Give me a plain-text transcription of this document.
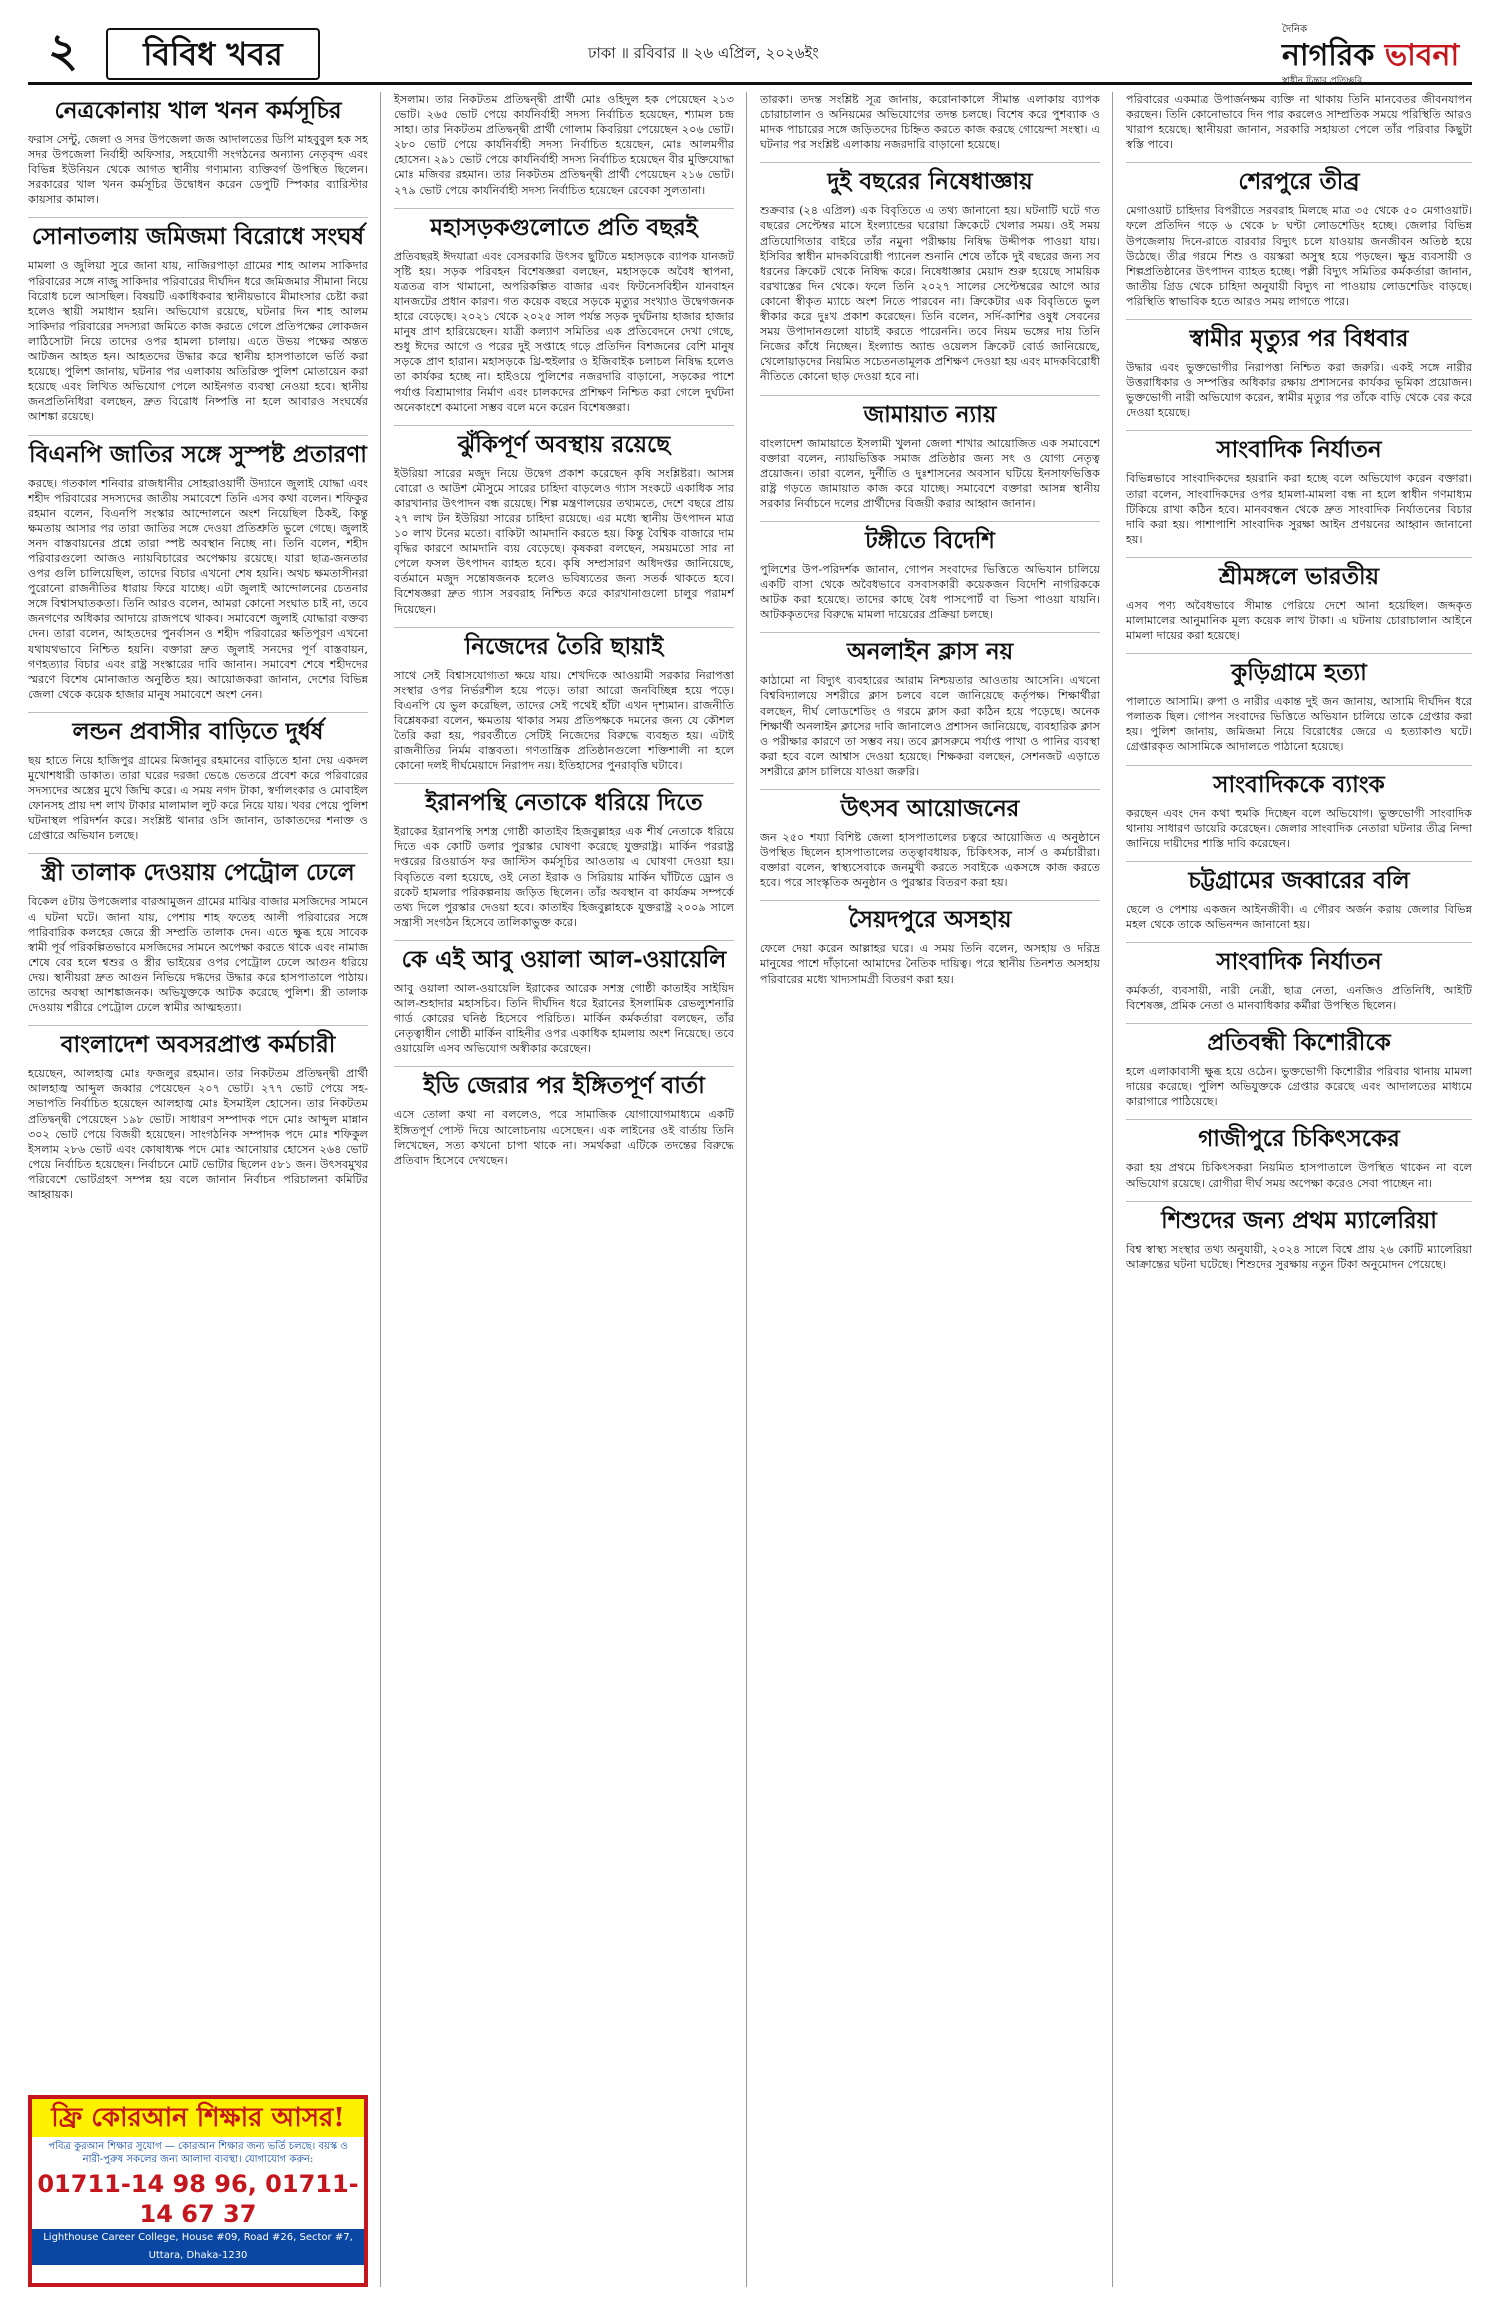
২	বিবিধ খবর	ঢাকা ॥ রবিবার ॥ ২৬ এপ্রিল, ২০২৬ইং
দৈনিক
নাগরিক ভাবনা
স্বাধীন চিন্তার প্রতিচ্ছবি
নেত্রকোনায় খাল খনন কর্মসূচির
ফরাস সেন্টু, জেলা ও সদর উপজেলা জজ আদালতের ডিপি মাহবুবুল হক সহ সদর উপজেলা নির্বাহী অফিসার, সহযোগী সংগঠনের অন্যান্য নেতৃবৃন্দ এবং বিভিন্ন ইউনিয়ন থেকে আগত স্থানীয় গণ্যমান্য ব্যক্তিবর্গ উপস্থিত ছিলেন। সরকারের খাল খনন কর্মসূচির উদ্বোধন করেন ডেপুটি স্পিকার ব্যারিস্টার কায়সার কামাল।
সোনাতলায় জমিজমা বিরোধে সংঘর্ষ
মামলা ও জুলিয়া সুরে জানা যায়, নাজিরপাড়া গ্রামের শাহ আলম সাকিদার পরিবারের সঙ্গে নাজু সাকিদার পরিবারের দীর্ঘদিন ধরে জমিজমার সীমানা নিয়ে বিরোধ চলে আসছিল। বিষয়টি একাধিকবার স্থানীয়ভাবে মীমাংসার চেষ্টা করা হলেও স্থায়ী সমাধান হয়নি। অভিযোগ রয়েছে, ঘটনার দিন শাহ আলম সাকিদার পরিবারের সদস্যরা জমিতে কাজ করতে গেলে প্রতিপক্ষের লোকজন লাঠিসোটা নিয়ে তাদের ওপর হামলা চালায়। এতে উভয় পক্ষের অন্তত আটজন আহত হন। আহতদের উদ্ধার করে স্থানীয় হাসপাতালে ভর্তি করা হয়েছে। পুলিশ জানায়, ঘটনার পর এলাকায় অতিরিক্ত পুলিশ মোতায়েন করা হয়েছে এবং লিখিত অভিযোগ পেলে আইনগত ব্যবস্থা নেওয়া হবে। স্থানীয় জনপ্রতিনিধিরা বলছেন, দ্রুত বিরোধ নিষ্পত্তি না হলে আবারও সংঘর্ষের আশঙ্কা রয়েছে।
বিএনপি জাতির সঙ্গে সুস্পষ্ট প্রতারণা
করছে। গতকাল শনিবার রাজধানীর সোহরাওয়ার্দী উদ্যানে জুলাই যোদ্ধা এবং শহীদ পরিবারের সদস্যদের জাতীয় সমাবেশে তিনি এসব কথা বলেন। শফিকুর রহমান বলেন, বিএনপি সংস্কার আন্দোলনে অংশ নিয়েছিল ঠিকই, কিন্তু ক্ষমতায় আসার পর তারা জাতির সঙ্গে দেওয়া প্রতিশ্রুতি ভুলে গেছে। জুলাই সনদ বাস্তবায়নের প্রশ্নে তারা স্পষ্ট অবস্থান নিচ্ছে না। তিনি বলেন, শহীদ পরিবারগুলো আজও ন্যায়বিচারের অপেক্ষায় রয়েছে। যারা ছাত্র-জনতার ওপর গুলি চালিয়েছিল, তাদের বিচার এখনো শেষ হয়নি। অথচ ক্ষমতাসীনরা পুরোনো রাজনীতির ধারায় ফিরে যাচ্ছে। এটা জুলাই আন্দোলনের চেতনার সঙ্গে বিশ্বাসঘাতকতা। তিনি আরও বলেন, আমরা কোনো সংঘাত চাই না, তবে জনগণের অধিকার আদায়ে রাজপথে থাকব। সমাবেশে জুলাই যোদ্ধারা বক্তব্য দেন। তারা বলেন, আহতদের পুনর্বাসন ও শহীদ পরিবারের ক্ষতিপূরণ এখনো যথাযথভাবে নিশ্চিত হয়নি। বক্তারা দ্রুত জুলাই সনদের পূর্ণ বাস্তবায়ন, গণহত্যার বিচার এবং রাষ্ট্র সংস্কারের দাবি জানান। সমাবেশ শেষে শহীদদের স্মরণে বিশেষ মোনাজাত অনুষ্ঠিত হয়। আয়োজকরা জানান, দেশের বিভিন্ন জেলা থেকে কয়েক হাজার মানুষ সমাবেশে অংশ নেন।
লন্ডন প্রবাসীর বাড়িতে দুর্ধর্ষ
ছয় হাতে নিয়ে হাজিপুর গ্রামের মিজানুর রহমানের বাড়িতে হানা দেয় একদল মুখোশধারী ডাকাত। তারা ঘরের দরজা ভেঙে ভেতরে প্রবেশ করে পরিবারের সদস্যদের অস্ত্রের মুখে জিম্মি করে। এ সময় নগদ টাকা, স্বর্ণালংকার ও মোবাইল ফোনসহ প্রায় দশ লাখ টাকার মালামাল লুট করে নিয়ে যায়। খবর পেয়ে পুলিশ ঘটনাস্থল পরিদর্শন করে। সংশ্লিষ্ট থানার ওসি জানান, ডাকাতদের শনাক্ত ও গ্রেপ্তারে অভিযান চলছে।
স্ত্রী তালাক দেওয়ায় পেট্রোল ঢেলে
বিকেল ৫টায় উপজেলার বারআমুজন গ্রামের মাঝির বাজার মসজিদের সামনে এ ঘটনা ঘটে। জানা যায়, পেশায় শাহ ফতেহ আলী পরিবারের সঙ্গে পারিবারিক কলহের জেরে স্ত্রী সম্প্রতি তালাক দেন। এতে ক্ষুব্ধ হয়ে সাবেক স্বামী পূর্ব পরিকল্পিতভাবে মসজিদের সামনে অপেক্ষা করতে থাকে এবং নামাজ শেষে বের হলে শ্বশুর ও স্ত্রীর ভাইয়ের ওপর পেট্রোল ঢেলে আগুন ধরিয়ে দেয়। স্থানীয়রা দ্রুত আগুন নিভিয়ে দগ্ধদের উদ্ধার করে হাসপাতালে পাঠায়। তাদের অবস্থা আশঙ্কাজনক। অভিযুক্তকে আটক করেছে পুলিশ। স্ত্রী তালাক দেওয়ায় শরীরে পেট্রোল ঢেলে স্বামীর আত্মহত্যা।
বাংলাদেশ অবসরপ্রাপ্ত কর্মচারী
হয়েছেন, আলহাজ্ব মোঃ ফজলুর রহমান। তার নিকটতম প্রতিদ্বন্দ্বী প্রার্থী আলহাজ্ব আব্দুল জব্বার পেয়েছেন ২০৭ ভোট। ২৭৭ ভোট পেয়ে সহ-সভাপতি নির্বাচিত হয়েছেন আলহাজ্ব মোঃ ইসমাইল হোসেন। তার নিকটতম প্রতিদ্বন্দ্বী পেয়েছেন ১৯৮ ভোট। সাধারণ সম্পাদক পদে মোঃ আব্দুল মান্নান ৩০২ ভোট পেয়ে বিজয়ী হয়েছেন। সাংগঠনিক সম্পাদক পদে মোঃ শফিকুল ইসলাম ২৮৬ ভোট এবং কোষাধ্যক্ষ পদে মোঃ আনোয়ার হোসেন ২৬৪ ভোট পেয়ে নির্বাচিত হয়েছেন। নির্বাচনে মোট ভোটার ছিলেন ৫৮১ জন। উৎসবমুখর পরিবেশে ভোটগ্রহণ সম্পন্ন হয় বলে জানান নির্বাচন পরিচালনা কমিটির আহ্বায়ক।
ইসলাম। তার নিকটতম প্রতিদ্বন্দ্বী প্রার্থী মোঃ ওহিদুল হক পেয়েছেন ২১৩ ভোট। ২৬৫ ভোট পেয়ে কার্যনির্বাহী সদস্য নির্বাচিত হয়েছেন, শ্যামল চন্দ্র সাহা। তার নিকটতম প্রতিদ্বন্দ্বী প্রার্থী গোলাম কিবরিয়া পেয়েছেন ২০৬ ভোট। ২৮০ ভোট পেয়ে কার্যনির্বাহী সদস্য নির্বাচিত হয়েছেন, মোঃ আলমগীর হোসেন। ২৯১ ভোট পেয়ে কার্যনির্বাহী সদস্য নির্বাচিত হয়েছেন বীর মুক্তিযোদ্ধা মোঃ মজিবর রহমান। তার নিকটতম প্রতিদ্বন্দ্বী প্রার্থী পেয়েছেন ২১৬ ভোট। ২৭৯ ভোট পেয়ে কার্যনির্বাহী সদস্য নির্বাচিত হয়েছেন রেবেকা সুলতানা।
মহাসড়কগুলোতে প্রতি বছরই
প্রতিবছরই ঈদযাত্রা এবং বেসরকারি উৎসব ছুটিতে মহাসড়কে ব্যাপক যানজট সৃষ্টি হয়। সড়ক পরিবহন বিশেষজ্ঞরা বলছেন, মহাসড়কে অবৈধ স্থাপনা, যত্রতত্র বাস থামানো, অপরিকল্পিত বাজার এবং ফিটনেসবিহীন যানবাহন যানজটের প্রধান কারণ। গত কয়েক বছরে সড়কে মৃত্যুর সংখ্যাও উদ্বেগজনক হারে বেড়েছে। ২০২১ থেকে ২০২৫ সাল পর্যন্ত সড়ক দুর্ঘটনায় হাজার হাজার মানুষ প্রাণ হারিয়েছেন। যাত্রী কল্যাণ সমিতির এক প্রতিবেদনে দেখা গেছে, শুধু ঈদের আগে ও পরের দুই সপ্তাহে গড়ে প্রতিদিন বিশজনের বেশি মানুষ সড়কে প্রাণ হারান। মহাসড়কে থ্রি-হুইলার ও ইজিবাইক চলাচল নিষিদ্ধ হলেও তা কার্যকর হচ্ছে না। হাইওয়ে পুলিশের নজরদারি বাড়ানো, সড়কের পাশে পর্যাপ্ত বিশ্রামাগার নির্মাণ এবং চালকদের প্রশিক্ষণ নিশ্চিত করা গেলে দুর্ঘটনা অনেকাংশে কমানো সম্ভব বলে মনে করেন বিশেষজ্ঞরা।
ঝুঁকিপূর্ণ অবস্থায় রয়েছে
ইউরিয়া সারের মজুদ নিয়ে উদ্বেগ প্রকাশ করেছেন কৃষি সংশ্লিষ্টরা। আসন্ন বোরো ও আউশ মৌসুমে সারের চাহিদা বাড়লেও গ্যাস সংকটে একাধিক সার কারখানার উৎপাদন বন্ধ রয়েছে। শিল্প মন্ত্রণালয়ের তথ্যমতে, দেশে বছরে প্রায় ২৭ লাখ টন ইউরিয়া সারের চাহিদা রয়েছে। এর মধ্যে স্থানীয় উৎপাদন মাত্র ১০ লাখ টনের মতো। বাকিটা আমদানি করতে হয়। কিন্তু বৈশ্বিক বাজারে দাম বৃদ্ধির কারণে আমদানি ব্যয় বেড়েছে। কৃষকরা বলছেন, সময়মতো সার না পেলে ফসল উৎপাদন ব্যাহত হবে। কৃষি সম্প্রসারণ অধিদপ্তর জানিয়েছে, বর্তমানে মজুদ সন্তোষজনক হলেও ভবিষ্যতের জন্য সতর্ক থাকতে হবে। বিশেষজ্ঞরা দ্রুত গ্যাস সরবরাহ নিশ্চিত করে কারখানাগুলো চালুর পরামর্শ দিয়েছেন।
নিজেদের তৈরি ছায়াই
সাথে সেই বিশ্বাসযোগ্যতা ক্ষয়ে যায়। শেখদিকে আওয়ামী সরকার নিরাপত্তা সংস্থার ওপর নির্ভরশীল হয়ে পড়ে। তারা আরো জনবিচ্ছিন্ন হয়ে পড়ে। বিএনপি যে ভুল করেছিল, তাদের সেই পথেই হাঁটা এখন দৃশ্যমান। রাজনীতি বিশ্লেষকরা বলেন, ক্ষমতায় থাকার সময় প্রতিপক্ষকে দমনের জন্য যে কৌশল তৈরি করা হয়, পরবর্তীতে সেটিই নিজেদের বিরুদ্ধে ব্যবহৃত হয়। এটাই রাজনীতির নির্মম বাস্তবতা। গণতান্ত্রিক প্রতিষ্ঠানগুলো শক্তিশালী না হলে কোনো দলই দীর্ঘমেয়াদে নিরাপদ নয়। ইতিহাসের পুনরাবৃত্তি ঘটাবে।
ইরানপন্থি নেতাকে ধরিয়ে দিতে
ইরাকের ইরানপন্থি সশস্ত্র গোষ্ঠী কাতাইব হিজবুল্লাহর এক শীর্ষ নেতাকে ধরিয়ে দিতে এক কোটি ডলার পুরস্কার ঘোষণা করেছে যুক্তরাষ্ট্র। মার্কিন পররাষ্ট্র দপ্তরের রিওয়ার্ডস ফর জাস্টিস কর্মসূচির আওতায় এ ঘোষণা দেওয়া হয়। বিবৃতিতে বলা হয়েছে, ওই নেতা ইরাক ও সিরিয়ায় মার্কিন ঘাঁটিতে ড্রোন ও রকেট হামলার পরিকল্পনায় জড়িত ছিলেন। তাঁর অবস্থান বা কার্যক্রম সম্পর্কে তথ্য দিলে পুরস্কার দেওয়া হবে। কাতাইব হিজবুল্লাহকে যুক্তরাষ্ট্র ২০০৯ সালে সন্ত্রাসী সংগঠন হিসেবে তালিকাভুক্ত করে।
কে এই আবু ওয়ালা আল-ওয়ায়েলি
আবু ওয়ালা আল-ওয়ায়েলি ইরাকের আরেক সশস্ত্র গোষ্ঠী কাতাইব সাইয়িদ আল-শুহাদার মহাসচিব। তিনি দীর্ঘদিন ধরে ইরানের ইসলামিক রেভল্যুশনারি গার্ড কোরের ঘনিষ্ঠ হিসেবে পরিচিত। মার্কিন কর্মকর্তারা বলছেন, তাঁর নেতৃত্বাধীন গোষ্ঠী মার্কিন বাহিনীর ওপর একাধিক হামলায় অংশ নিয়েছে। তবে ওয়ায়েলি এসব অভিযোগ অস্বীকার করেছেন।
ইডি জেরার পর ইঙ্গিতপূর্ণ বার্তা
এসে তোলা কথা না বললেও, পরে সামাজিক যোগাযোগমাধ্যমে একটি ইঙ্গিতপূর্ণ পোস্ট দিয়ে আলোচনায় এসেছেন। এক লাইনের ওই বার্তায় তিনি লিখেছেন, সত্য কখনো চাপা থাকে না। সমর্থকরা এটিকে তদন্তের বিরুদ্ধে প্রতিবাদ হিসেবে দেখছেন।
তারকা। তদন্ত সংশ্লিষ্ট সূত্র জানায়, করোনাকালে সীমান্ত এলাকায় ব্যাপক চোরাচালান ও অনিয়মের অভিযোগের তদন্ত চলছে। বিশেষ করে পুশব্যাক ও মাদক পাচারের সঙ্গে জড়িতদের চিহ্নিত করতে কাজ করছে গোয়েন্দা সংস্থা। এ ঘটনার পর সংশ্লিষ্ট এলাকায় নজরদারি বাড়ানো হয়েছে।
দুই বছরের নিষেধাজ্ঞায়
শুক্রবার (২৪ এপ্রিল) এক বিবৃতিতে এ তথ্য জানানো হয়। ঘটনাটি ঘটে গত বছরের সেপ্টেম্বর মাসে ইংল্যান্ডের ঘরোয়া ক্রিকেটে খেলার সময়। ওই সময় প্রতিযোগিতার বাইরে তাঁর নমুনা পরীক্ষায় নিষিদ্ধ উদ্দীপক পাওয়া যায়। ইসিবির স্বাধীন মাদকবিরোধী প্যানেল শুনানি শেষে তাঁকে দুই বছরের জন্য সব ধরনের ক্রিকেট থেকে নিষিদ্ধ করে। নিষেধাজ্ঞার মেয়াদ শুরু হয়েছে সাময়িক বরখাস্তের দিন থেকে। ফলে তিনি ২০২৭ সালের সেপ্টেম্বরের আগে আর কোনো স্বীকৃত ম্যাচে অংশ নিতে পারবেন না। ক্রিকেটার এক বিবৃতিতে ভুল স্বীকার করে দুঃখ প্রকাশ করেছেন। তিনি বলেন, সর্দি-কাশির ওষুধ সেবনের সময় উপাদানগুলো যাচাই করতে পারেননি। তবে নিয়ম ভঙ্গের দায় তিনি নিজের কাঁধে নিচ্ছেন। ইংল্যান্ড অ্যান্ড ওয়েলস ক্রিকেট বোর্ড জানিয়েছে, খেলোয়াড়দের নিয়মিত সচেতনতামূলক প্রশিক্ষণ দেওয়া হয় এবং মাদকবিরোধী নীতিতে কোনো ছাড় দেওয়া হবে না।
জামায়াত ন্যায়
বাংলাদেশ জামায়াতে ইসলামী খুলনা জেলা শাখার আয়োজিত এক সমাবেশে বক্তারা বলেন, ন্যায়ভিত্তিক সমাজ প্রতিষ্ঠার জন্য সৎ ও যোগ্য নেতৃত্ব প্রয়োজন। তারা বলেন, দুর্নীতি ও দুঃশাসনের অবসান ঘটিয়ে ইনসাফভিত্তিক রাষ্ট্র গড়তে জামায়াত কাজ করে যাচ্ছে। সমাবেশে বক্তারা আসন্ন স্থানীয় সরকার নির্বাচনে দলের প্রার্থীদের বিজয়ী করার আহ্বান জানান।
টঙ্গীতে বিদেশি
পুলিশের উপ-পরিদর্শক জানান, গোপন সংবাদের ভিত্তিতে অভিযান চালিয়ে একটি বাসা থেকে অবৈধভাবে বসবাসকারী কয়েকজন বিদেশি নাগরিককে আটক করা হয়েছে। তাদের কাছে বৈধ পাসপোর্ট বা ভিসা পাওয়া যায়নি। আটককৃতদের বিরুদ্ধে মামলা দায়েরের প্রক্রিয়া চলছে।
অনলাইন ক্লাস নয়
কাঠামো না বিদ্যুৎ ব্যবহারের আরাম নিশ্চয়তার আওতায় আসেনি। এখনো বিশ্ববিদ্যালয়ে সশরীরে ক্লাস চলবে বলে জানিয়েছে কর্তৃপক্ষ। শিক্ষার্থীরা বলছেন, দীর্ঘ লোডশেডিং ও গরমে ক্লাস করা কঠিন হয়ে পড়েছে। অনেক শিক্ষার্থী অনলাইন ক্লাসের দাবি জানালেও প্রশাসন জানিয়েছে, ব্যবহারিক ক্লাস ও পরীক্ষার কারণে তা সম্ভব নয়। তবে ক্লাসরুমে পর্যাপ্ত পাখা ও পানির ব্যবস্থা করা হবে বলে আশ্বাস দেওয়া হয়েছে। শিক্ষকরা বলছেন, সেশনজট এড়াতে সশরীরে ক্লাস চালিয়ে যাওয়া জরুরি।
উৎসব আয়োজনের
জন ২৫০ শয্যা বিশিষ্ট জেলা হাসপাতালের চত্বরে আয়োজিত এ অনুষ্ঠানে উপস্থিত ছিলেন হাসপাতালের তত্ত্বাবধায়ক, চিকিৎসক, নার্স ও কর্মচারীরা। বক্তারা বলেন, স্বাস্থ্যসেবাকে জনমুখী করতে সবাইকে একসঙ্গে কাজ করতে হবে। পরে সাংস্কৃতিক অনুষ্ঠান ও পুরস্কার বিতরণ করা হয়।
সৈয়দপুরে অসহায়
ফেলে দেয়া করেন আল্লাহর ঘরে। এ সময় তিনি বলেন, অসহায় ও দরিদ্র মানুষের পাশে দাঁড়ানো আমাদের নৈতিক দায়িত্ব। পরে স্থানীয় তিনশত অসহায় পরিবারের মধ্যে খাদ্যসামগ্রী বিতরণ করা হয়।
পরিবারের একমাত্র উপার্জনক্ষম ব্যক্তি না থাকায় তিনি মানবেতর জীবনযাপন করছেন। তিনি কোনোভাবে দিন পার করলেও সাম্প্রতিক সময়ে পরিস্থিতি আরও খারাপ হয়েছে। স্থানীয়রা জানান, সরকারি সহায়তা পেলে তাঁর পরিবার কিছুটা স্বস্তি পাবে।
শেরপুরে তীব্র
মেগাওয়াট চাহিদার বিপরীতে সরবরাহ মিলছে মাত্র ৩৫ থেকে ৫০ মেগাওয়াট। ফলে প্রতিদিন গড়ে ৬ থেকে ৮ ঘণ্টা লোডশেডিং হচ্ছে। জেলার বিভিন্ন উপজেলায় দিনে-রাতে বারবার বিদ্যুৎ চলে যাওয়ায় জনজীবন অতিষ্ঠ হয়ে উঠেছে। তীব্র গরমে শিশু ও বয়স্করা অসুস্থ হয়ে পড়ছেন। ক্ষুদ্র ব্যবসায়ী ও শিল্পপ্রতিষ্ঠানের উৎপাদন ব্যাহত হচ্ছে। পল্লী বিদ্যুৎ সমিতির কর্মকর্তারা জানান, জাতীয় গ্রিড থেকে চাহিদা অনুযায়ী বিদ্যুৎ না পাওয়ায় লোডশেডিং বাড়ছে। পরিস্থিতি স্বাভাবিক হতে আরও সময় লাগতে পারে।
স্বামীর মৃত্যুর পর বিধবার
উদ্ধার এবং ভুক্তভোগীর নিরাপত্তা নিশ্চিত করা জরুরি। একই সঙ্গে নারীর উত্তরাধিকার ও সম্পত্তির অধিকার রক্ষায় প্রশাসনের কার্যকর ভূমিকা প্রয়োজন। ভুক্তভোগী নারী অভিযোগ করেন, স্বামীর মৃত্যুর পর তাঁকে বাড়ি থেকে বের করে দেওয়া হয়েছে।
সাংবাদিক নির্যাতন
বিভিন্নভাবে সাংবাদিকদের হয়রানি করা হচ্ছে বলে অভিযোগ করেন বক্তারা। তারা বলেন, সাংবাদিকদের ওপর হামলা-মামলা বন্ধ না হলে স্বাধীন গণমাধ্যম টিকিয়ে রাখা কঠিন হবে। মানববন্ধন থেকে দ্রুত সাংবাদিক নির্যাতনের বিচার দাবি করা হয়। পাশাপাশি সাংবাদিক সুরক্ষা আইন প্রণয়নের আহ্বান জানানো হয়।
শ্রীমঙ্গলে ভারতীয়
এসব পণ্য অবৈধভাবে সীমান্ত পেরিয়ে দেশে আনা হয়েছিল। জব্দকৃত মালামালের আনুমানিক মূল্য কয়েক লাখ টাকা। এ ঘটনায় চোরাচালান আইনে মামলা দায়ের করা হয়েছে।
কুড়িগ্রামে হত্যা
পালাতে আসামি। রুপা ও নারীর একান্ত দুই জন জানায়, আসামি দীর্ঘদিন ধরে পলাতক ছিল। গোপন সংবাদের ভিত্তিতে অভিযান চালিয়ে তাকে গ্রেপ্তার করা হয়। পুলিশ জানায়, জমিজমা নিয়ে বিরোধের জেরে এ হত্যাকাণ্ড ঘটে। গ্রেপ্তারকৃত আসামিকে আদালতে পাঠানো হয়েছে।
সাংবাদিককে ব্যাংক
করছেন এবং দেন কথা হুমকি দিচ্ছেন বলে অভিযোগ। ভুক্তভোগী সাংবাদিক থানায় সাধারণ ডায়েরি করেছেন। জেলার সাংবাদিক নেতারা ঘটনার তীব্র নিন্দা জানিয়ে দায়ীদের শাস্তি দাবি করেছেন।
চট্টগ্রামের জব্বারের বলি
ছেলে ও পেশায় একজন আইনজীবী। এ গৌরব অর্জন করায় জেলার বিভিন্ন মহল থেকে তাকে অভিনন্দন জানানো হয়।
সাংবাদিক নির্যাতন
কর্মকর্তা, ব্যবসায়ী, নারী নেত্রী, ছাত্র নেতা, এনজিও প্রতিনিধি, আইটি বিশেষজ্ঞ, প্রমিক নেতা ও মানবাধিকার কর্মীরা উপস্থিত ছিলেন।
প্রতিবন্ধী কিশোরীকে
হলে এলাকাবাসী ক্ষুব্ধ হয়ে ওঠেন। ভুক্তভোগী কিশোরীর পরিবার থানায় মামলা দায়ের করেছে। পুলিশ অভিযুক্তকে গ্রেপ্তার করেছে এবং আদালতের মাধ্যমে কারাগারে পাঠিয়েছে।
গাজীপুরে চিকিৎসকের
করা হয় প্রথমে চিকিৎসকরা নিয়মিত হাসপাতালে উপস্থিত থাকেন না বলে অভিযোগ রয়েছে। রোগীরা দীর্ঘ সময় অপেক্ষা করেও সেবা পাচ্ছেন না।
শিশুদের জন্য প্রথম ম্যালেরিয়া
বিশ্ব স্বাস্থ্য সংস্থার তথ্য অনুযায়ী, ২০২৪ সালে বিশ্বে প্রায় ২৬ কোটি ম্যালেরিয়া আক্রান্তের ঘটনা ঘটেছে। শিশুদের সুরক্ষায় নতুন টিকা অনুমোদন পেয়েছে।
ফ্রি কোরআন শিক্ষার আসর!
পবিত্র কুরআন শিক্ষার সুযোগ — কোরআন শিক্ষার জন্য ভর্তি চলছে। বয়স্ক ও নারী-পুরুষ সকলের জন্য আলাদা ব্যবস্থা। যোগাযোগ করুন:
01711-14 98 96, 01711-14 67 37
Lighthouse Career College, House #09, Road #26, Sector #7, Uttara, Dhaka-1230
